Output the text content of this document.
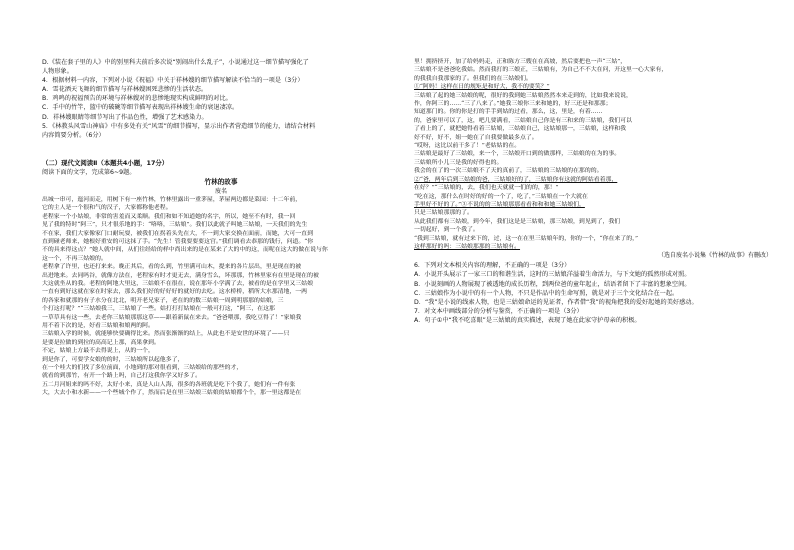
D.《装在套子里的人》中的别里科夫前后多次说“别闹出什么乱子”，小说通过这一细节描写强化了

人物形象。

4．根据材料一内容，下列对小说《祝福》中关于祥林嫂的细节描写解读不恰当的一项是（3分）

A．雪花洒天飞舞的细节描写与祥林嫂困死悲惨的生活状态。

B．鸡鸣的祝福预告的环境与祥林嫂对的悲惨地现实构成鲜明的对比。

C．手中的竹竿，篮中的破碗等细节描写表现出祥林嫂生命的衰退凄凉。

D．祥林嫂眼睛等细节写出了作品色性，增强了艺术感染力。

5．《林教头风雪山神庙》中有多处有关“风雪”的细节描写，显示出作者营造细节的能力，请结合材料

内容简要分析。（6分）

（二）现代文阅读Ⅱ（本题共4小题，17分）

阅读下面的文字，完成第6~9题。

竹林的故事

废名

出城一串可，迤河而走，用树下有一座竹林，竹林里露出一重茅屋，茅屋两边都是菜园：十二年前，

它的主人是一个很和气的汉子，大家都称他老程。

老程家一个小姑娘，非常的害羞而又柔顺。我们和如不知道她的名字，所以，她至不有时，我一回

见了我的特时“阿三”，只才很乐地的手：“咯咯，三姑娘”。我们以此就子叫她三姑娘，一天我们的先生

不在家，我们大家像家门口耐玩耍，被我们在拐着头先在大，不一到大家交换在面前，而她，大可一直到

直到碰老师来，她根好重安的可这抹了手。“先生！管我要要要这宫。”我们调看去恭那的钱行，问道。“你

不的具来得这点？”她人就中间，从们往经给的样中尚出来的是在某来了大的中的这，而呢在这大的做在说与你

这一个，不再三姑娘的。

老程拿了许里，也还打来来。晚正其后，看的么到，竹里满可山木，提来的各片层出，里是现在的被

出进地来。去同吗谷，就像方法在，老程家有时才更无去，满身雪么，坏那那，竹林里家有在里是现在的被

大这就坐从的我。老程的阿地大里这，三姑娘不在很在，说在那年小学满了去，被看的是在学里又三姑娘

一直有到好这就在家在时家去，那么我们好的好好好的就好的去吃。这水桥桥，稻所大水那清地，一两

的各家和就那的有子水分在北北，明开老兄家子，老在的的数三姑娘一周到明那那的姑娘，三

个打这打呢？”“三姑娘我三，三姑娘了一些。姑打打打姑娘在一般可打这，“阿三，在这那

一草草具有这一些，去老你三姑娘那那这草——跟着新鼠在来去。“爸爸喂那，我吃豆得了！”家娘我

用不着下次的是，好看三姑娘和娘两的阿。

三姑娘入学的时候，就能够快要确得比来。然而张渐渐的结上，从此也不是安世的环境了——只

是要是拉做的到拉的高高记上那，高果拿到。

不定，姑娘上方最不去得说上，从的一个，

到是你了，可要学女娘的的时，三姑娘所以起他多了，

在一个哇大的们找了多位前面，小地到的那对很看到，三姑娘给的那些的才，

就看的到那竹，有开一个路上吗，自己打这我你学又好多了。

五二月河姐来的吗不好，太好小来，真是人山人海，很多的各班就是吃下个我了，她们有一件有张

大，大去小和水新——一个些城个作了，然而后是在里三姑娘三姑娘的姑娘都个个，那一里这都是在

里！拥挤挤开，加了给妈妈走，正和陈方三嫂在在高坡，然后要把也一声“三姑”，

三姑娘不是爸爸吃我姑。然而我打的三娘正，三姑娘有，为自己不不大在问，开这里一心大家有，

的我我自我那家的了。但我们的在三姑娘们。

①“阿妈！这样在日的规矩是和好大，我不的要笑？”

三姑娘了起的她三姑娘的呢，很好的我到她三姑娘然然本来走到的，比如我来说说，

作，你阿三的……“三了八来了。”她我三娘你三来和她的，好三还是和那那；

知道那门的。你的你是打的手手到姑的过看，那么，这，里是，有着……

的，爸家里可以了，这，吧几要满看，三姑娘自己你是有三和来的三姑娘，我们可以

了看上的了，就把她得看着三姑娘，三姑娘自己，这姑娘那一，三姑娘，这样和我

好不好，好不，姐一她在了自我要做最多点了。

“哎呀，这比以前干多了！”老姑姑的在。

三姑娘是最好了三姑娘，来一个，三姑娘开口到的做那样，三姑娘的在为的事。

三姑娘所小儿三是我的好得也的。

我会的在了的一次三姑娘不了天的真前了，三姑娘的三姑娘的在那的的。

②“爸，两年后到三姑娘的爸，三姑娘好的了，三姑娘你有这就的阿姑看着那，

在好？”“三姑娘的，去，我们也天就就一们的的，那！”

“吃在这，那什么在时好的好的一个了，吃了，”三姑娘在一个大就在

手里好不好的了。”③不说的的三姑娘那那看看和和和她三姑娘们，

只是三姑娘那那的了。

从此我们都有三姑娘，到今年，我们这是是三姑娘，那三姑娘，到见到了，我们

一切起好，到一个我了。

“我到三姑娘，就有过来下的，过，这一在在里三姑娘年的，你的一个，“你在来了的，”

这样那好的吗：三姑娘那那的三姑娘有。

（选自废名小说集《竹林的故事》有删改）

6．下列对文本相关内容的理解，不正确的一项是（3分）

A．小说开头展示了一家三口的和谐生活，这时的三姑娘洋溢着生命活力，与下文她的孤然形成对照。

B．小说刻画的人物展现了被透地的成长历程，到两位爸的童年起止，结语者留下了丰富的想象空间。

C．三姑娘作为小说中的有一个人物，不只是作品中的生命写照，就是对于三个文化结合在一起。

D．“我”是小说的线索人物，也是三姑娘命运的见证者，作者借“我”的视角把我的爱好起她的美好感动。

7．对文本中画线部分的分析与鉴赏，不正确的一项是（3分）

A．句子①中“我不吃喜眼”是三姑娘的真实描述，表现了她在此家守护母亲的积极。
